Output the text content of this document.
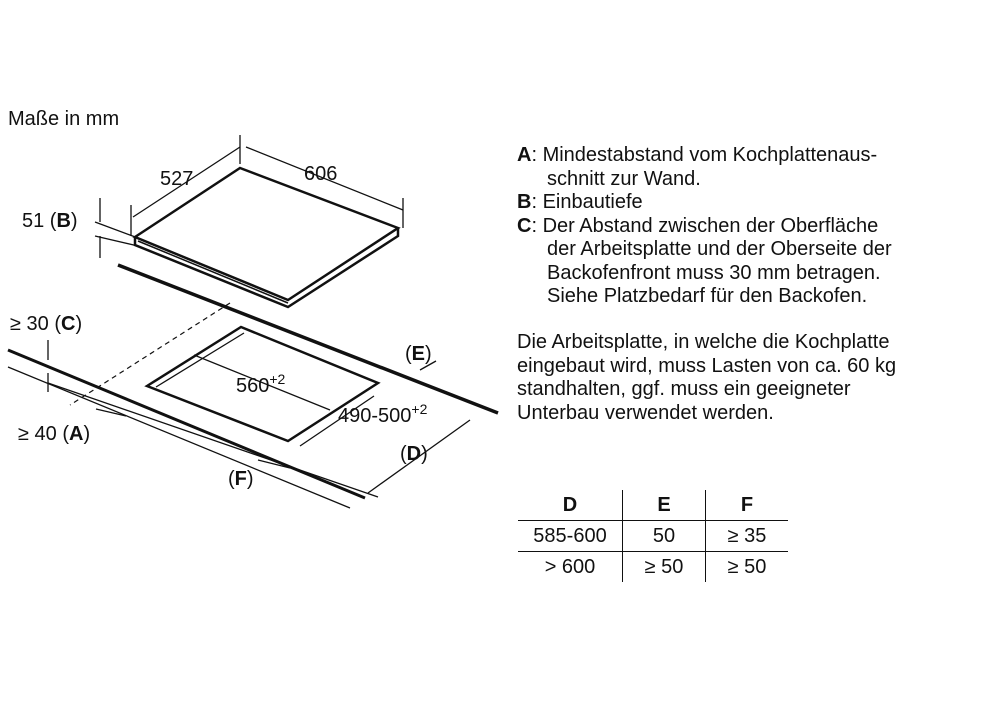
Maße in mm
527	606
51 (B)
≥ 30 (C)
≥ 40 (A)
$560^{+2}$
$490-500^{+2}$
(E)
(D)
(F)
A: Mindestabstand vom Kochplattenaus-
schnitt zur Wand.
B: Einbautiefe
C: Der Abstand zwischen der Oberfläche
der Arbeitsplatte und der Oberseite der
Backofenfront muss 30 mm betragen.
Siehe Platzbedarf für den Backofen.

Die Arbeitsplatte, in welche die Kochplatte

eingebaut wird, muss Lasten von ca. 60 kg

standhalten, ggf. muss ein geeigneter

Unterbau verwendet werden.

D	E	F
585-600	50	≥ 35
> 600	≥ 50	≥ 50
